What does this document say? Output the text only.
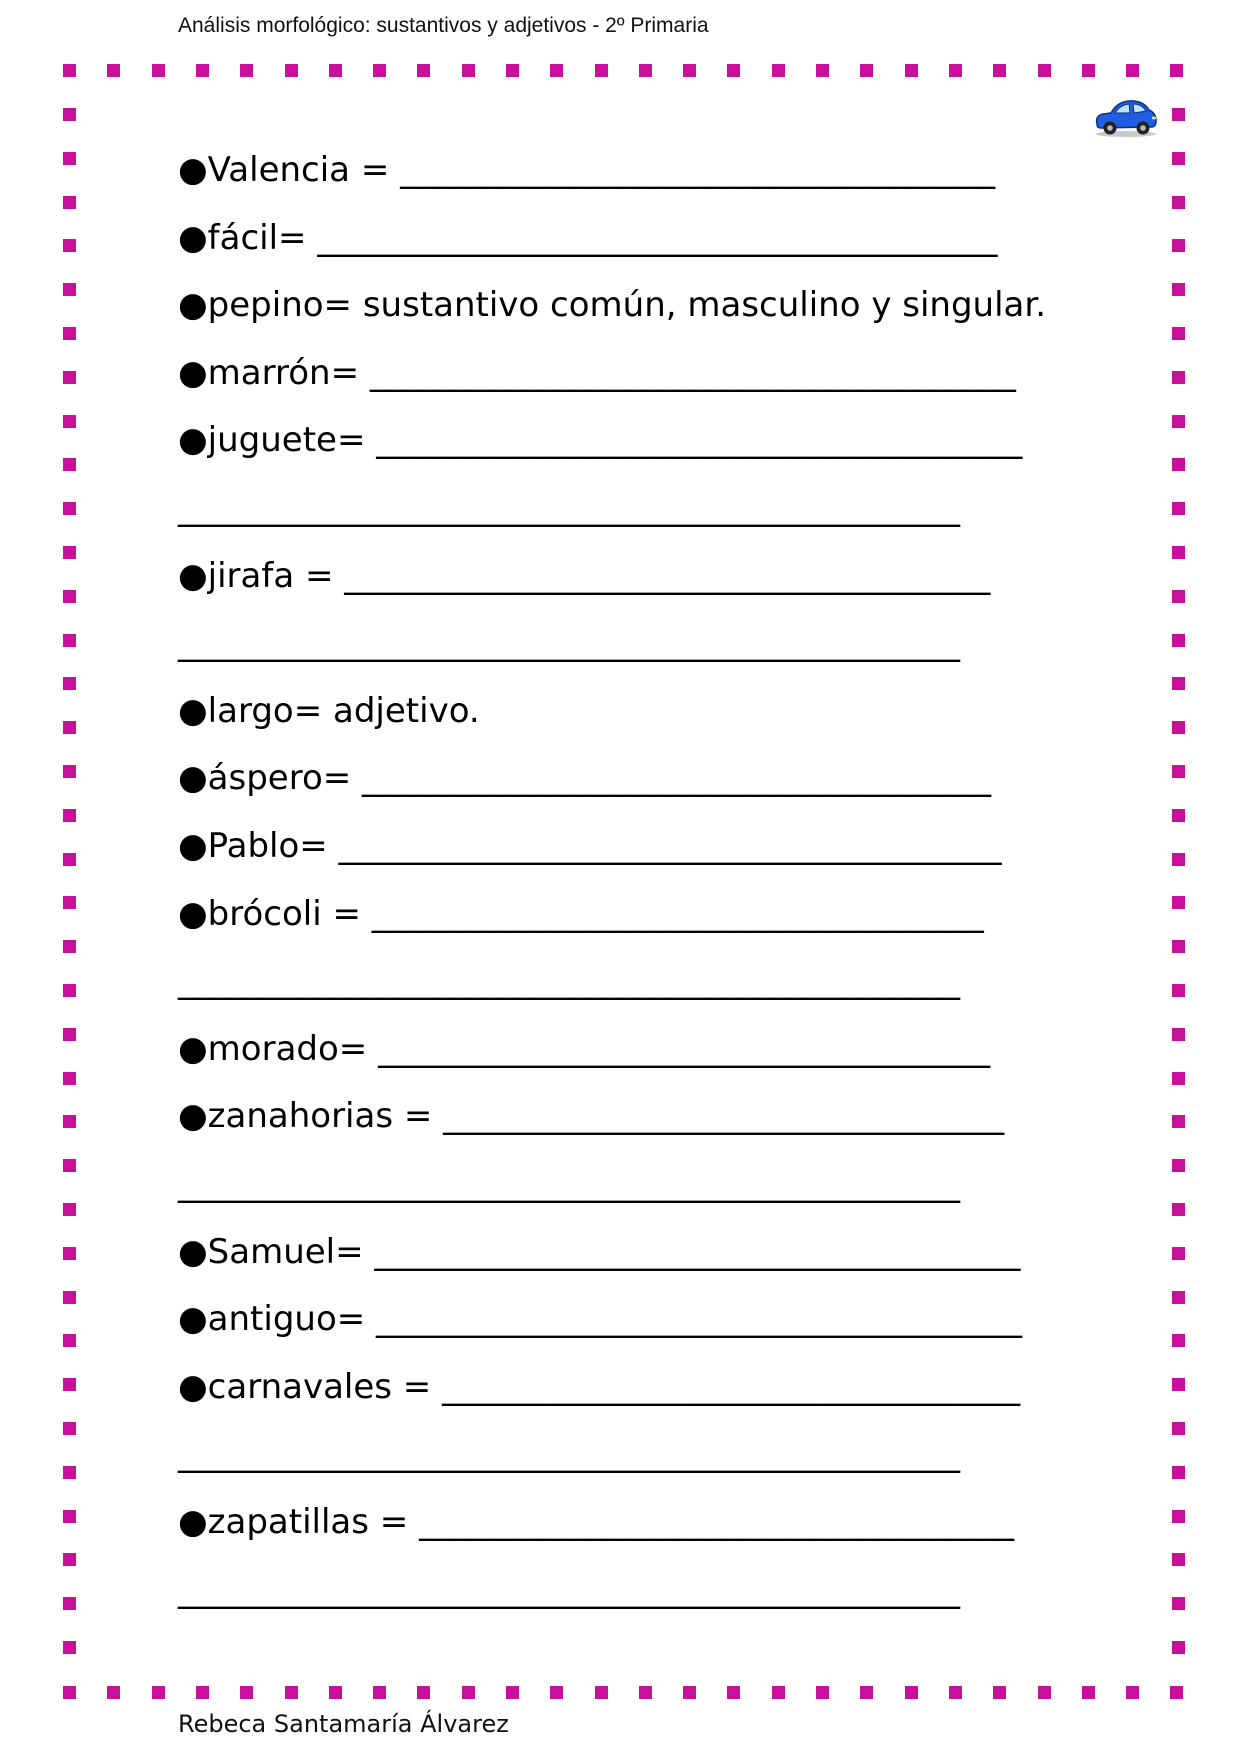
Análisis morfológico: sustantivos y adjetivos - 2º Primaria
●Valencia = ___________________________________
●fácil= ________________________________________
●pepino= sustantivo común, masculino y singular.
●marrón= ______________________________________
●juguete= ______________________________________
______________________________________________
●jirafa = ______________________________________
______________________________________________
●largo= adjetivo.
●áspero= _____________________________________
●Pablo= _______________________________________
●brócoli = ____________________________________
______________________________________________
●morado= ____________________________________
●zanahorias = _________________________________
______________________________________________
●Samuel= ______________________________________
●antiguo= ______________________________________
●carnavales = __________________________________
______________________________________________
●zapatillas = ___________________________________
______________________________________________
Rebeca Santamaría Álvarez
